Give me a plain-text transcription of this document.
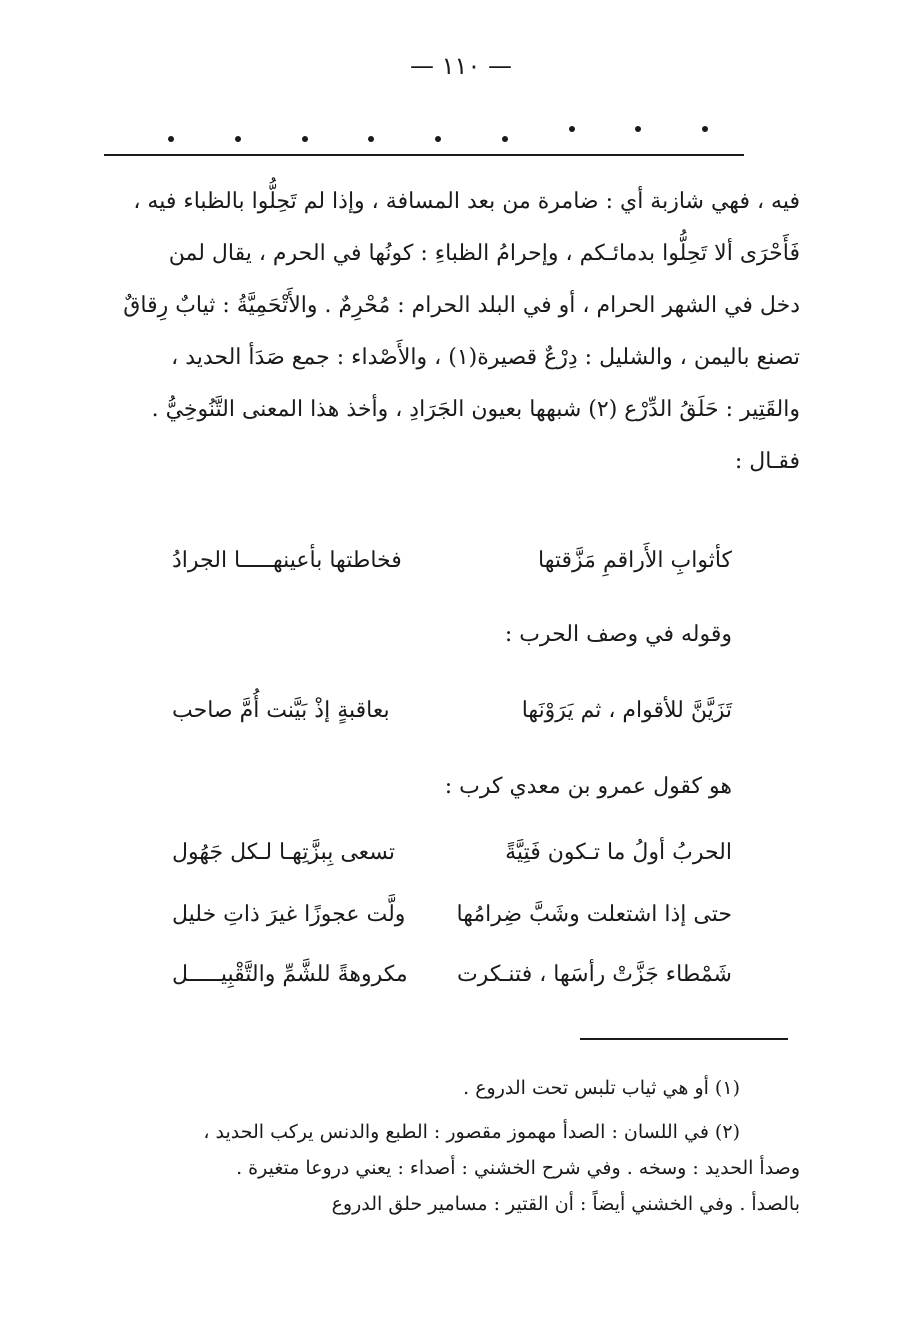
— ١١٠ —

فيه ، فهي شازبة أي : ضامرة من بعد المسافة ، وإذا لم تَحِلُّوا بالظباء فيه ،

فَأَحْرَى ألا تَحِلُّوا بدمائـكم ، وإحرامُ الظباءِ : كونُها في الحرم ، يقال لمن

دخل في الشهر الحرام ، أو في البلد الحرام : مُحْرِمٌ . والأَتْحَمِيَّةُ : ثيابٌ رِقاقٌ

تصنع باليمن ، والشليل : دِرْعٌ قصيرة(١) ، والأَصْداء : جمع صَدَأ الحديد ،

والقَتِير : حَلَقُ الدِّرْع (٢) شبهها بعيون الجَرَادِ ، وأخذ هذا المعنى التَّنُوخِيُّ .

فقـال :

كأثوابِ الأَراقمِ مَزَّقتها
فخاطتها بأعينهـــــا الجرادُ
وقوله في وصف الحرب :
تَزَيَّنَّ للأقوام ، ثم يَرَوْنَها
بعاقبةٍ إذْ بَيَّنت أُمَّ صاحب
هو كقول عمرو بن معدي كرب :
الحربُ أولُ ما تـكون فَتِيَّةً
تسعى بِبزَّتِهـا لـكل جَهُول
حتى إذا اشتعلت وشَبَّ ضِرامُها
ولَّت عجوزًا غيرَ ذاتِ خليل
شَمْطاء جَزَّتْ رأسَها ، فتنـكرت
مكروهةً للشَّمِّ والتَّقْبِيـــــل

(١) أو هي ثياب تلبس تحت الدروع .

(٢) في اللسان : الصدأ مهموز مقصور : الطبع والدنس يركب الحديد ،

وصدأ الحديد : وسخه . وفي شرح الخشني : أصداء : يعني دروعا متغيرة .

بالصدأ . وفي الخشني أيضاً : أن القتير : مسامير حلق الدروع
